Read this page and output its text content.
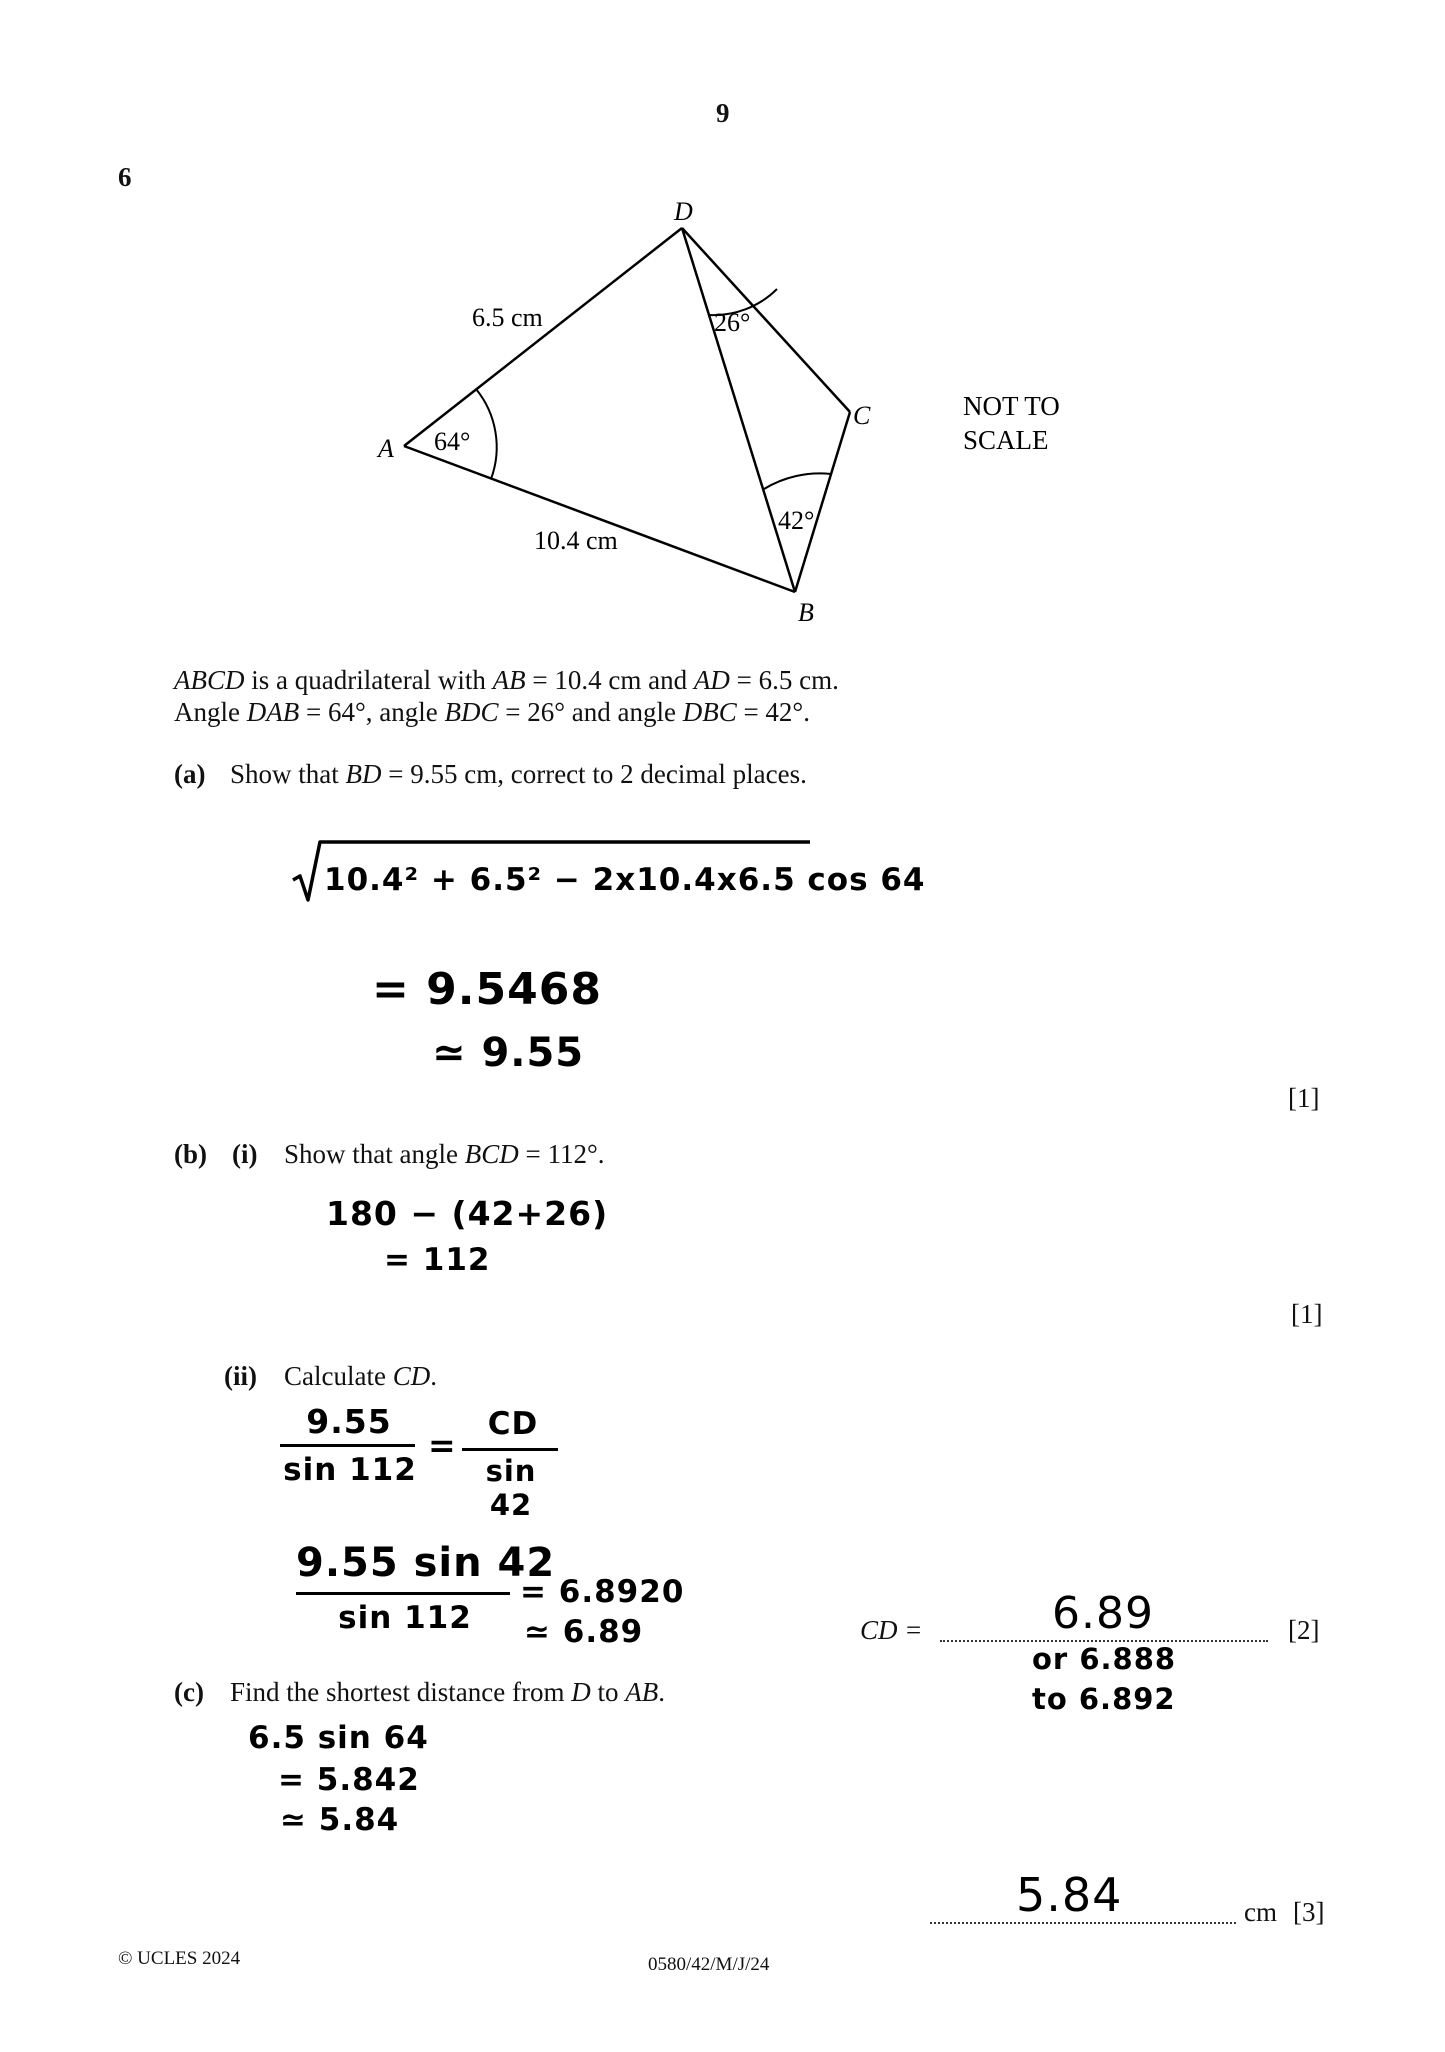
9
6
D
A
C
B
6.5 cm
10.4 cm
64°
26°
42°
NOT TO
SCALE
ABCD is a quadrilateral with AB = 10.4 cm and AD = 6.5 cm.
Angle DAB = 64°, angle BDC = 26° and angle DBC = 42°.
(a) Show that BD = 9.55 cm, correct to 2 decimal places.
10.4² + 6.5² − 2x10.4x6.5 cos 64
= 9.5468
≃ 9.55
[1]
(b) (i) Show that angle BCD = 112°.
180 − (42+26)
= 112
[1]
(ii) Calculate CD.
9.55
sin 112
=
CD
sin 42
9.55 sin 42
sin 112
= 6.8920
≃ 6.89	CD =	6.89
or 6.888
to 6.892
[2]
(c) Find the shortest distance from D to AB.
6.5 sin 64
= 5.842
≃ 5.84
5.84	cm [3]
© UCLES 2024	0580/42/M/J/24
